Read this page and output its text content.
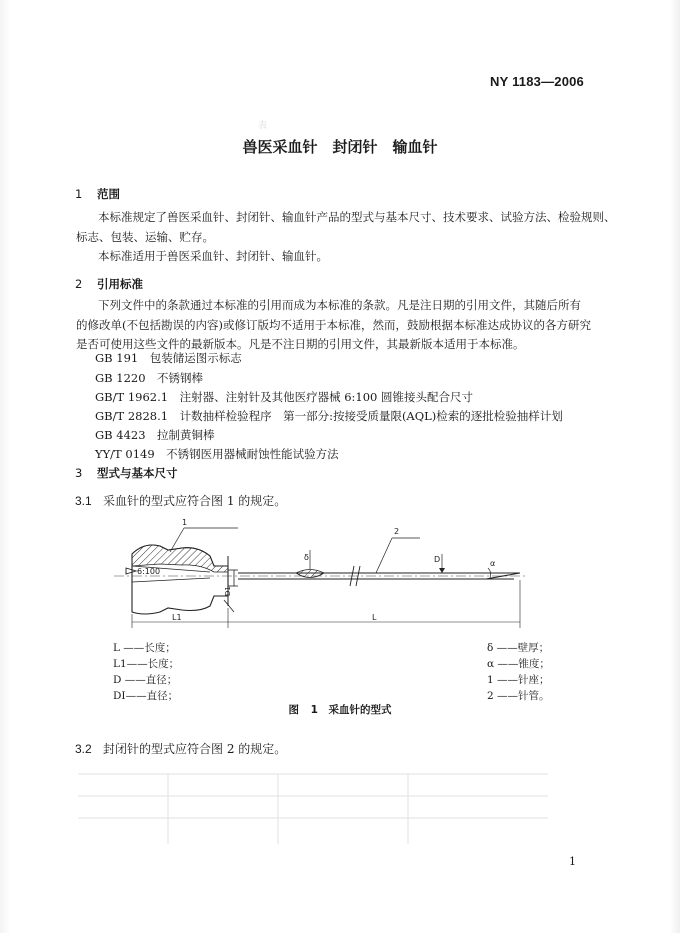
表　　　　　　　　　　　　　　　　　　

NY 1183—2006
兽医采血针　封闭针　输血针
1 范围
本标准规定了兽医采血针、封闭针、输血针产品的型式与基本尺寸、技术要求、试验方法、检验规则、
标志、包装、运输、贮存。
本标准适用于兽医采血针、封闭针、输血针。
2 引用标准
下列文件中的条款通过本标准的引用而成为本标准的条款。凡是注日期的引用文件，其随后所有
的修改单(不包括勘误的内容)或修订版均不适用于本标准，然而，鼓励根据本标准达成协议的各方研究
是否可使用这些文件的最新版本。凡是不注日期的引用文件，其最新版本适用于本标准。
GB 191　包装储运图示标志
GB 1220　不锈钢棒
GB/T 1962.1　注射器、注射针及其他医疗器械 6:100 圆锥接头配合尺寸
GB/T 2828.1　计数抽样检验程序　第一部分:按接受质量限(AQL)检索的逐批检验抽样计划
GB 4423　拉制黄铜棒
YY/T 0149　不锈钢医用器械耐蚀性能试验方法
3 型式与基本尺寸
3.1 采血针的型式应符合图 1 的规定。
6:100
δ	D
D1
α
1
2
L1	L
L ——长度；
L1——长度；
D ——直径；
DI——直径；
δ ——壁厚；
α ——锥度；
1 ——针座；
2 ——针管。
图 1　采血针的型式
3.2 封闭针的型式应符合图 2 的规定。
1
